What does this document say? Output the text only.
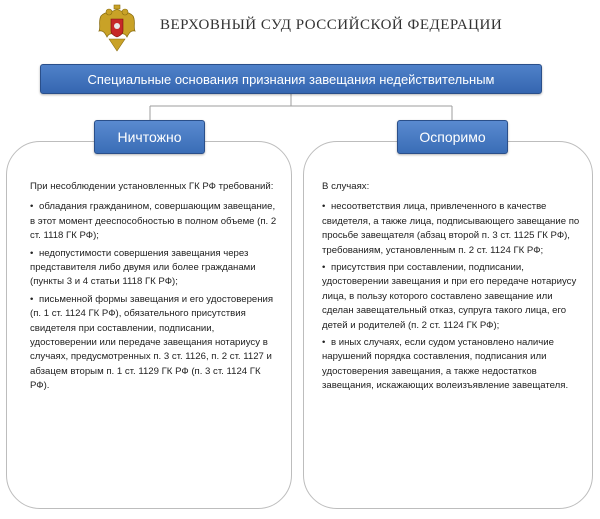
ВЕРХОВНЫЙ СУД РОССИЙСКОЙ ФЕДЕРАЦИИ
Специальные основания признания завещания недействительным

При несоблюдении установленных ГК РФ требований:

• обладания гражданином, совершающим завещание, в этот момент дееспособностью в полном объеме (п. 2 ст. 1118 ГК РФ);

• недопустимости совершения завещания через представителя либо двумя или более гражданами (пункты 3 и 4 статьи 1118 ГК РФ);

• письменной формы завещания и его удостоверения (п. 1 ст. 1124 ГК РФ), обязательного присутствия свидетеля при составлении, подписании, удостоверении или передаче завещания нотариусу в случаях, предусмотренных п. 3 ст. 1126, п. 2 ст. 1127 и абзацем вторым п. 1 ст. 1129 ГК РФ (п. 3 ст. 1124 ГК РФ).

В случаях:

• несоответствия лица, привлеченного в качестве свидетеля, а также лица, подписывающего завещание по просьбе завещателя (абзац второй п. 3 ст. 1125 ГК РФ), требованиям, установленным п. 2 ст. 1124 ГК РФ;

• присутствия при составлении, подписании, удостоверении завещания и при его передаче нотариусу лица, в пользу которого составлено завещание или сделан завещательный отказ, супруга такого лица, его детей и родителей (п. 2 ст. 1124 ГК РФ);

• в иных случаях, если судом установлено наличие нарушений порядка составления, подписания или удостоверения завещания, а также недостатков завещания, искажающих волеизъявление завещателя.

Ничтожно	Оспоримо
